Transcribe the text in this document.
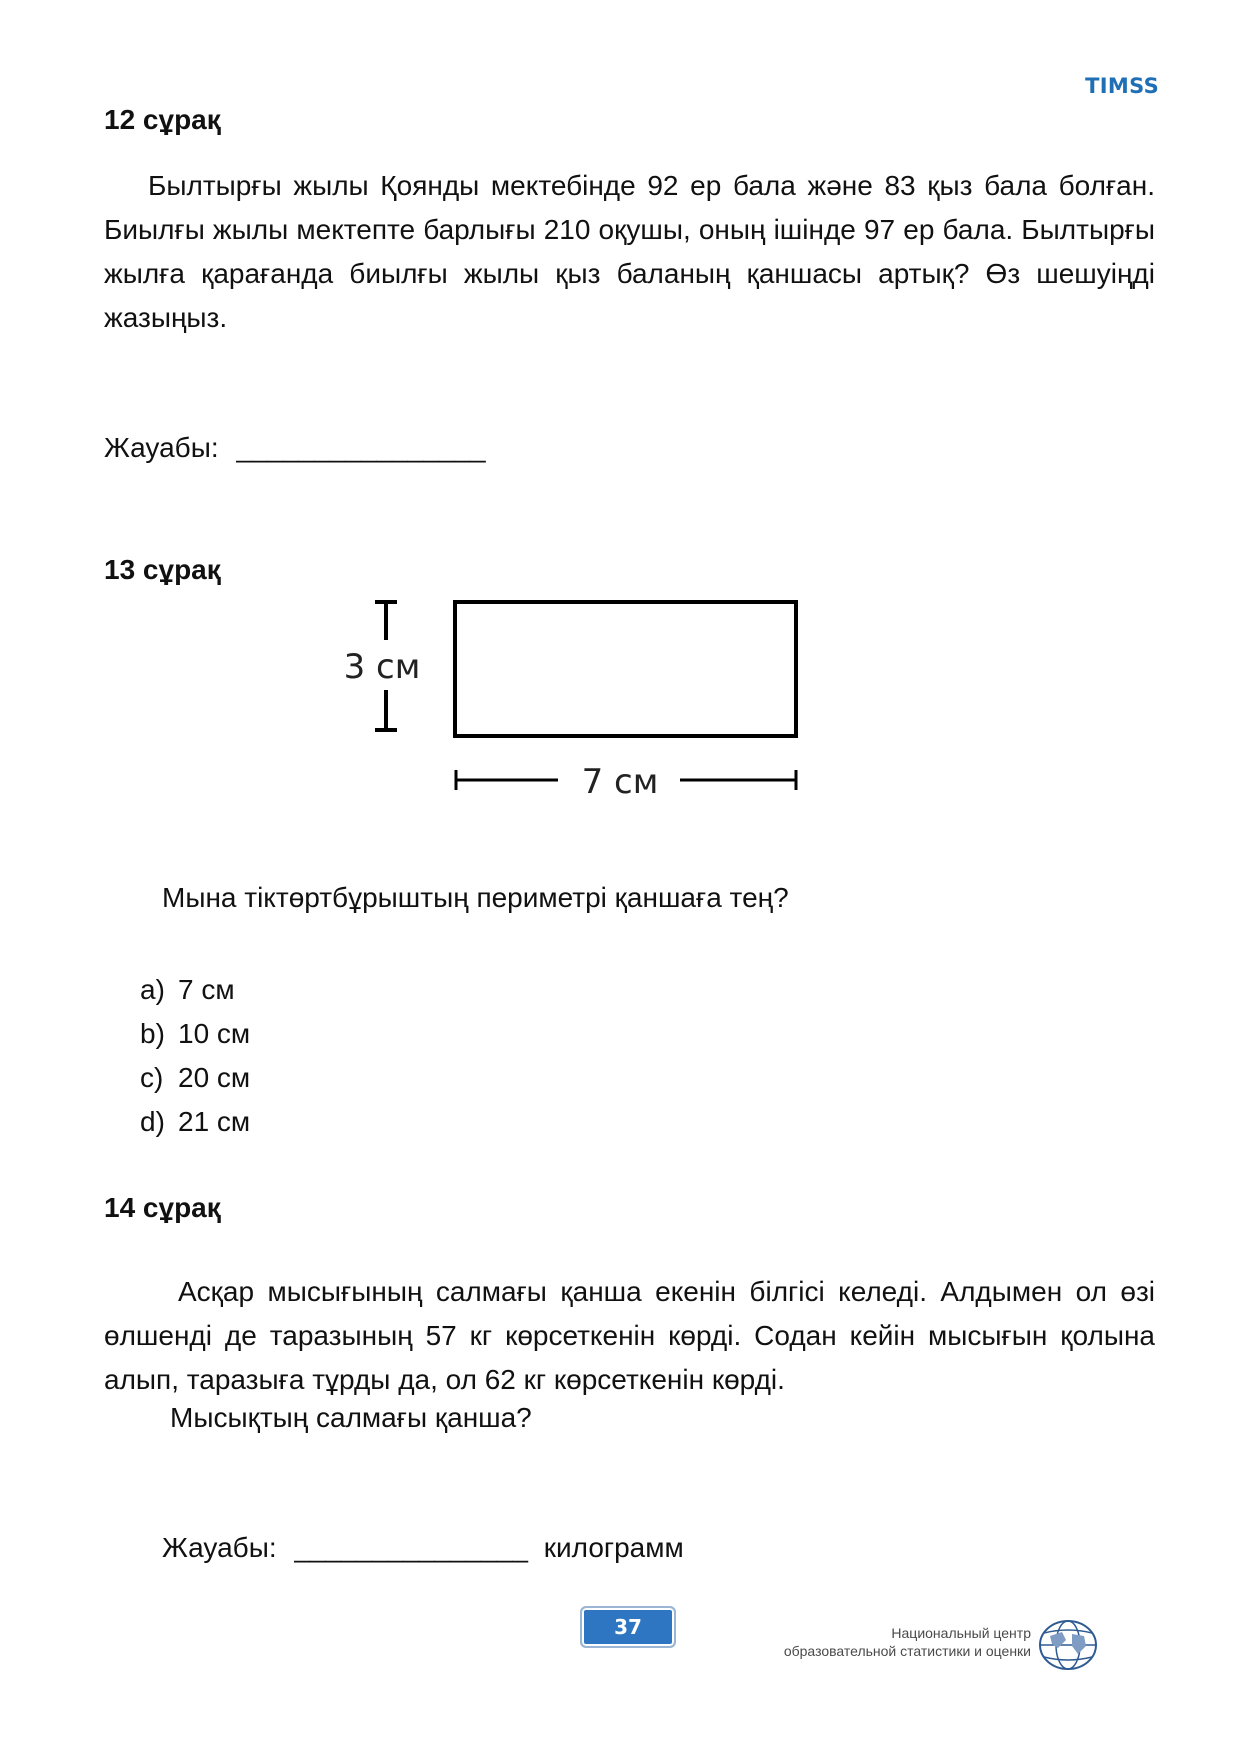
TIMSS
12 сұрақ

Былтырғы жылы Қоянды мектебінде 92 ер бала және 83 қыз бала болған. Биылғы жылы мектепте барлығы 210 оқушы, оның ішінде 97 ер бала. Былтырғы жылға қарағанда биылғы жылы қыз баланың қаншасы артық? Өз шешуіңді жазыңыз.

Жауабы: ________________
13 сұрақ
3 см
7 см
Мына тіктөртбұрыштың периметрі қаншаға тең?
a) 7 см
b) 10 см
c) 20 см
d) 21 см
14 сұрақ

Асқар мысығының салмағы қанша екенін білгісі келеді. Алдымен ол өзі өлшенді де таразының 57 кг көрсеткенін көрді. Содан кейін мысығын қолына алып, таразыға тұрды да, ол 62 кг көрсеткенін көрді.

Мысықтың салмағы қанша?
Жауабы: _______________ килограмм
37	Национальный центр
образовательной статистики и оценки
